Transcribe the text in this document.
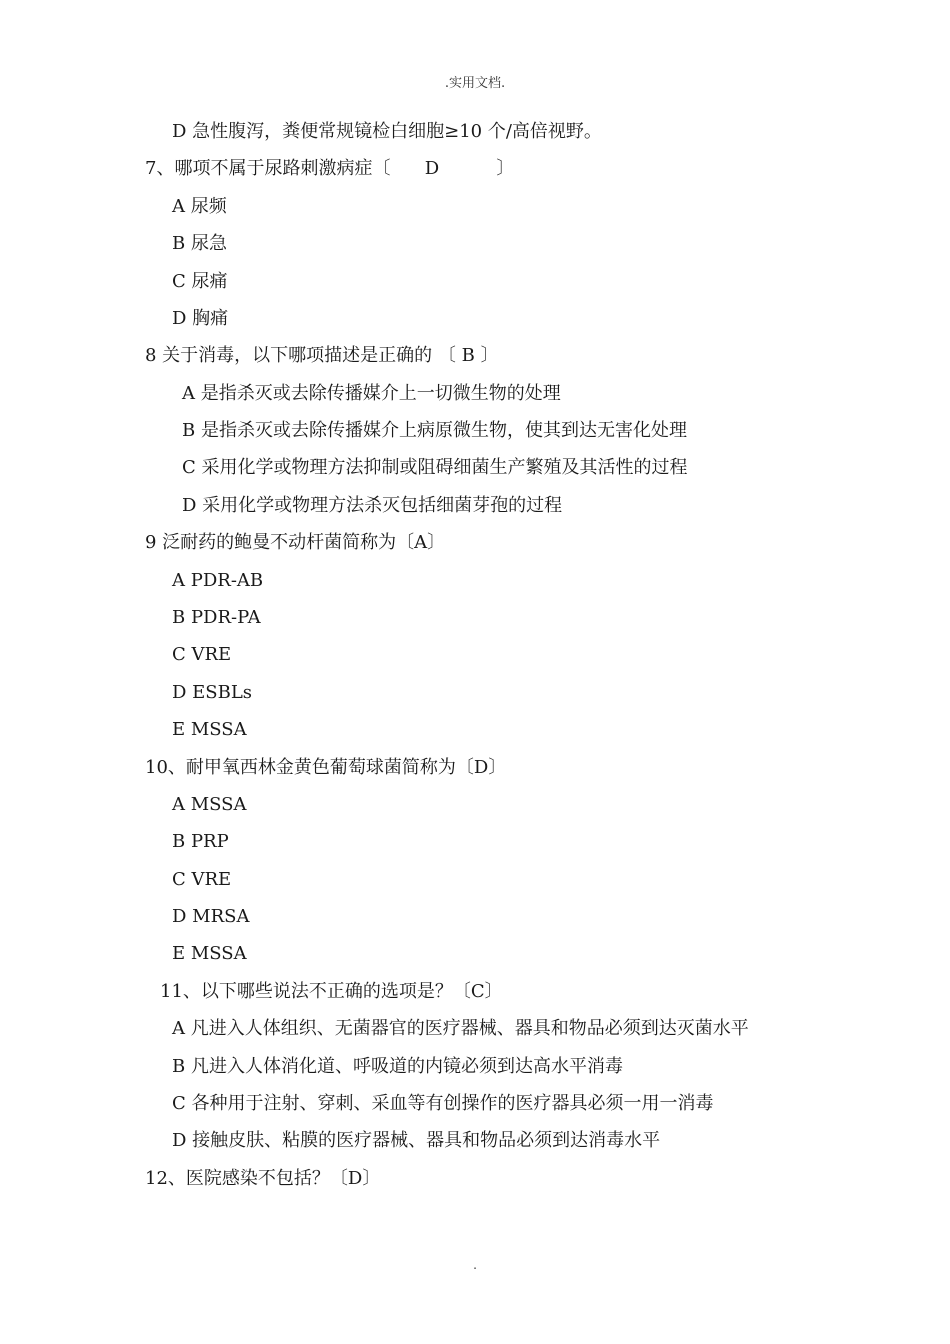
.实用文档.
D 急性腹泻，粪便常规镜检白细胞≥10 个/高倍视野。
7、哪项不属于尿路刺激病症〔      D          〕
A 尿频
B 尿急
C 尿痛
D 胸痛
8 关于消毒，以下哪项描述是正确的 〔 B 〕
A 是指杀灭或去除传播媒介上一切微生物的处理
B 是指杀灭或去除传播媒介上病原微生物，使其到达无害化处理
C 采用化学或物理方法抑制或阻碍细菌生产繁殖及其活性的过程
D 采用化学或物理方法杀灭包括细菌芽孢的过程
9 泛耐药的鲍曼不动杆菌简称为〔A〕
A PDR-AB
B PDR-PA
C VRE
D ESBLs
E MSSA
10、耐甲氧西林金黄色葡萄球菌简称为〔D〕
A MSSA
B PRP
C VRE
D MRSA
E MSSA
11、以下哪些说法不正确的选项是？〔C〕
A 凡进入人体组织、无菌器官的医疗器械、器具和物品必须到达灭菌水平
B 凡进入人体消化道、呼吸道的内镜必须到达高水平消毒
C 各种用于注射、穿刺、采血等有创操作的医疗器具必须一用一消毒
D 接触皮肤、粘膜的医疗器械、器具和物品必须到达消毒水平
12、医院感染不包括？〔D〕
.
